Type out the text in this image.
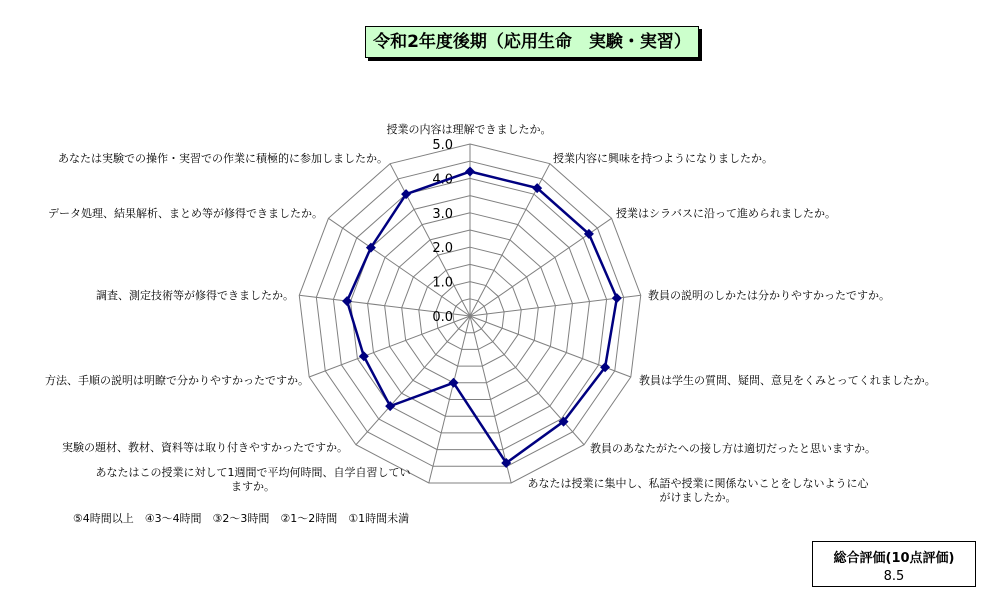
令和2年度後期（応用生命　実験・実習）
0.0
1.0
2.0
3.0
4.0
5.0
授業の内容は理解できましたか。
授業内容に興味を持つようになりましたか。
授業はシラバスに沿って進められましたか。
教員の説明のしかたは分かりやすかったですか。
教員は学生の質問、疑問、意見をくみとってくれましたか。
教員のあなたがたへの接し方は適切だったと思いますか。
あなたは授業に集中し、私語や授業に関係ないことをしないように心がけましたか。
あなたはこの授業に対して1週間で平均何時間、自学自習していますか。
実験の題材、教材、資料等は取り付きやすかったですか。
方法、手順の説明は明瞭で分かりやすかったですか。
調査、測定技術等が修得できましたか。
データ処理、結果解析、まとめ等が修得できましたか。
あなたは実験での操作・実習での作業に積極的に参加しましたか。
⑤4時間以上　④3～4時間　③2～3時間　②1～2時間　①1時間未満
総合評価(10点評価)
8.5
